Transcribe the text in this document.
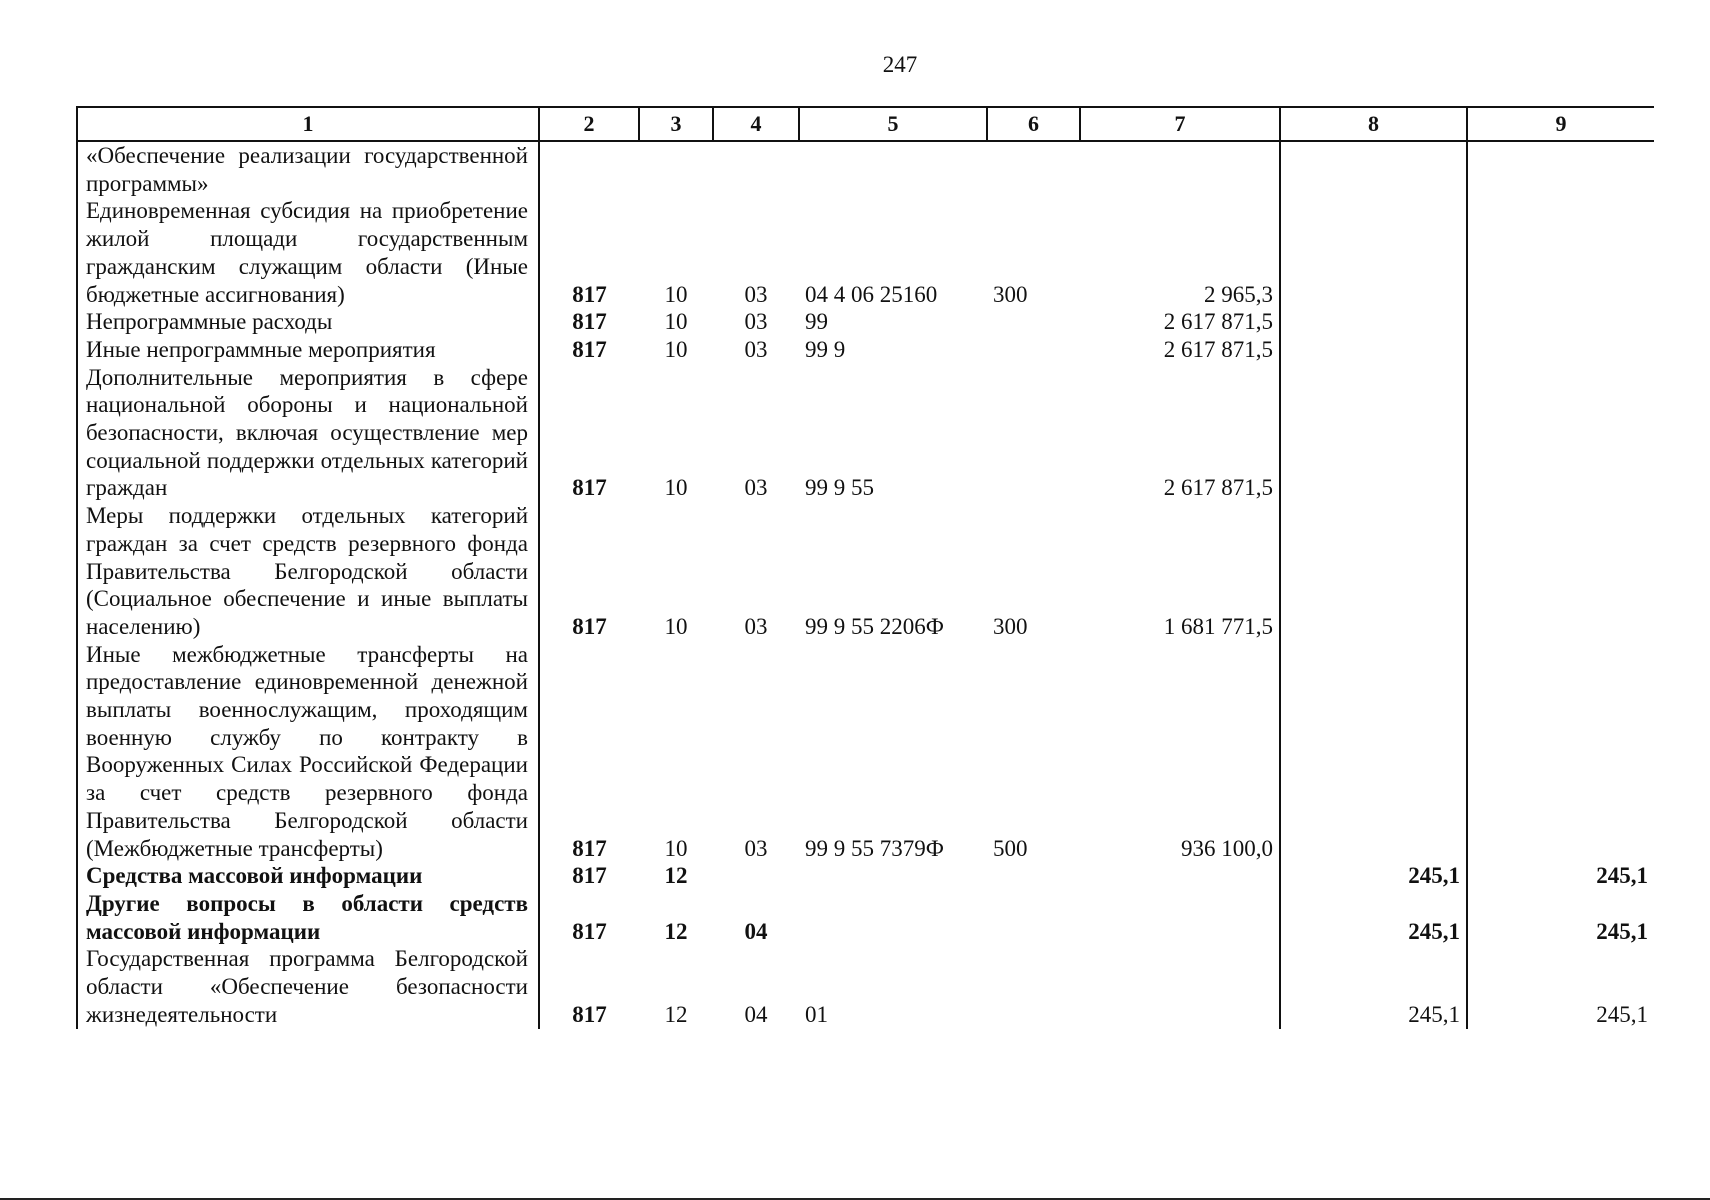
247
1	2	3	4	5	6	7	8	9
«Обеспечение реализации государственной программы»								
Единовременная субсидия на приобретение жилой площади государственным гражданским служащим области (Иные бюджетные ассигнования)	817	10	03	04 4 06 25160	300	2 965,3		
Непрограммные расходы	817	10	03	99		2 617 871,5		
Иные непрограммные мероприятия	817	10	03	99 9		2 617 871,5		
Дополнительные мероприятия в сфере национальной обороны и национальной безопасности, включая осуществление мер социальной поддержки отдельных категорий граждан	817	10	03	99 9 55		2 617 871,5		
Меры поддержки отдельных категорий граждан за счет средств резервного фонда Правительства Белгородской области (Социальное обеспечение и иные выплаты населению)	817	10	03	99 9 55 2206Ф	300	1 681 771,5		
Иные межбюджетные трансферты на предоставление единовременной денежной выплаты военнослужащим, проходящим военную службу по контракту в Вооруженных Силах Российской Федерации за счет средств резервного фонда Правительства Белгородской области (Межбюджетные трансферты)	817	10	03	99 9 55 7379Ф	500	936 100,0		
Средства массовой информации	817	12					245,1	245,1
Другие вопросы в области средств массовой информации	817	12	04				245,1	245,1
Государственная программа Белгородской области «Обеспечение безопасности жизнедеятельности	817	12	04	01			245,1	245,1
